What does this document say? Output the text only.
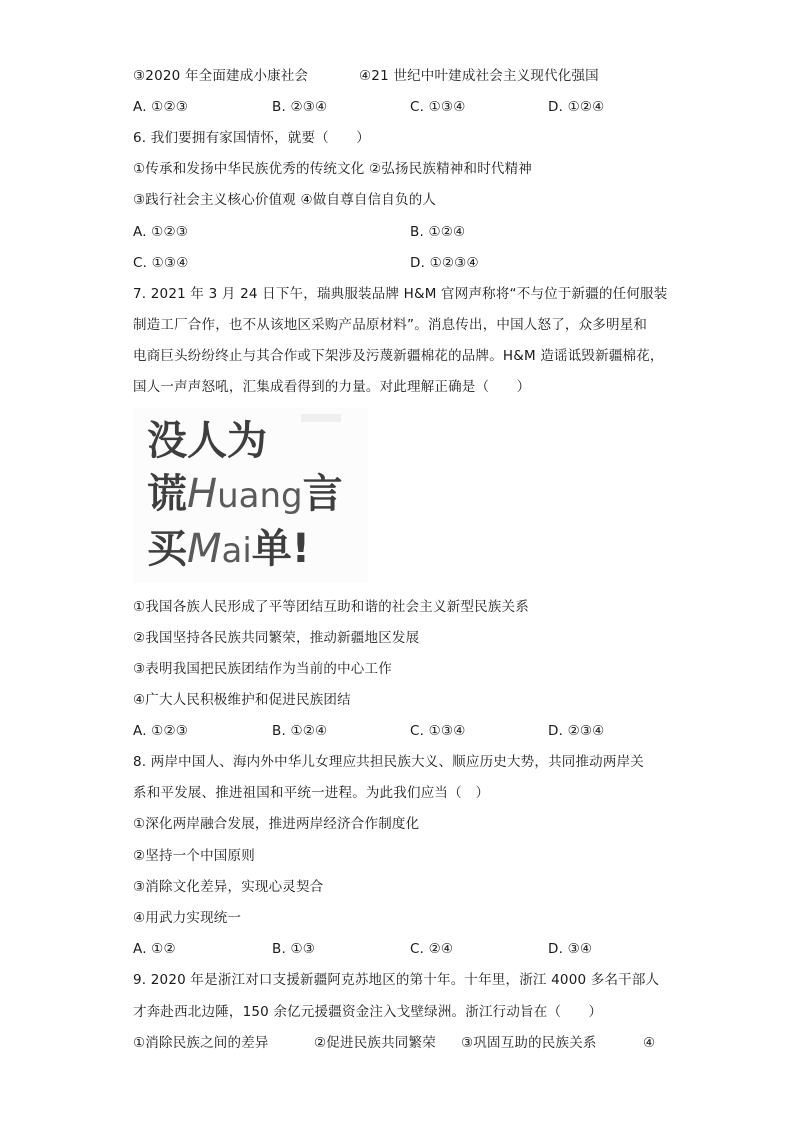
③2020 年全面建成小康社会	④21 世纪中叶建成社会主义现代化强国
A. ①②③	B. ②③④	C. ①③④	D. ①②④
6. 我们要拥有家国情怀，就要（　　）
①传承和发扬中华民族优秀的传统文化 ②弘扬民族精神和时代精神
③践行社会主义核心价值观 ④做自尊自信自负的人
A. ①②③	B. ①②④
C. ①③④	D. ①②③④
7. 2021 年 3 月 24 日下午，瑞典服装品牌 H&M 官网声称将“不与位于新疆的任何服装
制造工厂合作，也不从该地区采购产品原材料”。消息传出，中国人怒了，众多明星和
电商巨头纷纷终止与其合作或下架涉及污蔑新疆棉花的品牌。H&M 造谣诋毁新疆棉花，
国人一声声怒吼，汇集成看得到的力量。对此理解正确是（　　）
没人为
谎Huang言
买Mai单!
①我国各族人民形成了平等团结互助和谐的社会主义新型民族关系
②我国坚持各民族共同繁荣，推动新疆地区发展
③表明我国把民族团结作为当前的中心工作
④广大人民积极维护和促进民族团结
A. ①②③	B. ①②④	C. ①③④	D. ②③④
8. 两岸中国人、海内外中华儿女理应共担民族大义、顺应历史大势，共同推动两岸关
系和平发展、推进祖国和平统一进程。为此我们应当（　）
①深化两岸融合发展，推进两岸经济合作制度化
②坚持一个中国原则
③消除文化差异，实现心灵契合
④用武力实现统一
A. ①②	B. ①③	C. ②④	D. ③④
9. 2020 年是浙江对口支援新疆阿克苏地区的第十年。十年里，浙江 4000 多名干部人
才奔赴西北边陲，150 余亿元援疆资金注入戈壁绿洲。浙江行动旨在（　　）
①消除民族之间的差异	②促进民族共同繁荣 ③巩固互助的民族关系	④
